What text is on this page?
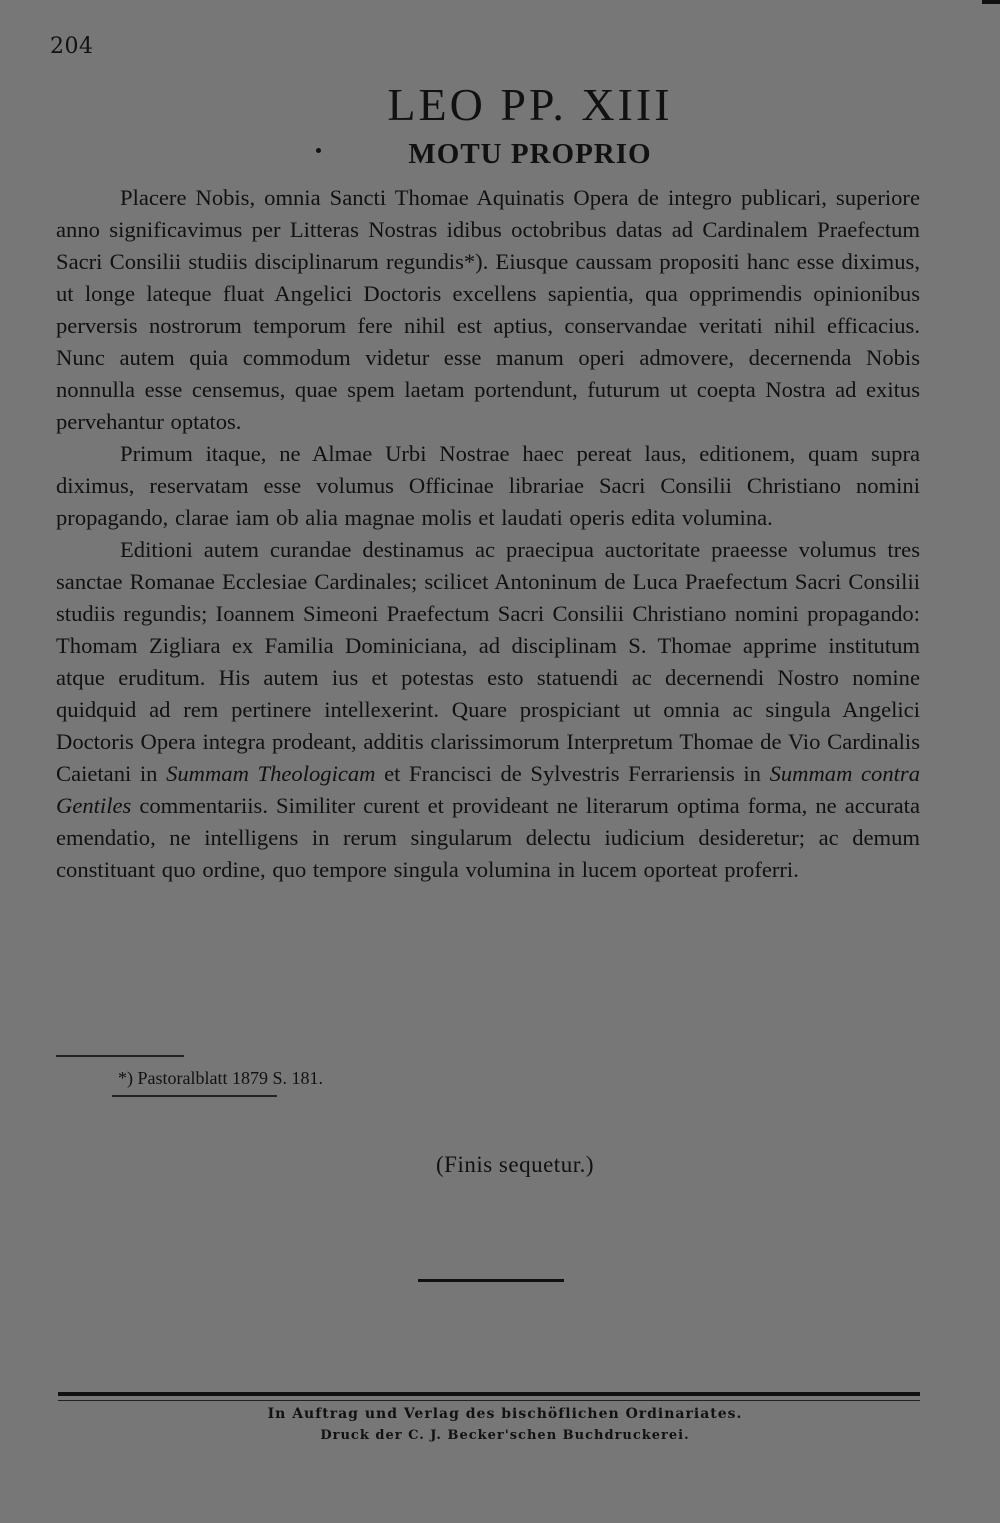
204
LEO PP. XIII
MOTU PROPRIO

Placere Nobis, omnia Sancti Thomae Aquinatis Opera de integro publicari, superiore anno significavimus per Litteras Nostras idibus octobribus datas ad Cardinalem Praefectum Sacri Consilii studiis disciplinarum regundis*). Eiusque caussam propositi hanc esse diximus, ut longe lateque fluat Angelici Doctoris excellens sapientia, qua opprimendis opinionibus perversis nostrorum temporum fere nihil est aptius, conservandae veritati nihil efficacius. Nunc autem quia commodum videtur esse manum operi admovere, decernenda Nobis nonnulla esse censemus, quae spem laetam portendunt, futurum ut coepta Nostra ad exitus pervehantur optatos.

Primum itaque, ne Almae Urbi Nostrae haec pereat laus, editionem, quam supra diximus, reservatam esse volumus Officinae librariae Sacri Consilii Christiano nomini propagando, clarae iam ob alia magnae molis et laudati operis edita volumina.

Editioni autem curandae destinamus ac praecipua auctoritate praeesse volumus tres sanctae Romanae Ecclesiae Cardinales; scilicet Antoninum de Luca Praefectum Sacri Consilii studiis regundis; Ioannem Simeoni Praefectum Sacri Consilii Christiano nomini propagando: Thomam Zigliara ex Familia Dominiciana, ad disciplinam S. Thomae apprime institutum atque eruditum. His autem ius et potestas esto statuendi ac decernendi Nostro nomine quidquid ad rem pertinere intellexerint. Quare prospiciant ut omnia ac singula Angelici Doctoris Opera integra prodeant, additis clarissimorum Interpretum Thomae de Vio Cardinalis Caietani in Summam Theologicam et Francisci de Sylvestris Ferrariensis in Summam contra Gentiles commentariis. Similiter curent et provideant ne literarum optima forma, ne accurata emendatio, ne intelligens in rerum singularum delectu iudicium desideretur; ac demum constituant quo ordine, quo tempore singula volumina in lucem oporteat proferri.

*) Pastoralblatt 1879 S. 181.
(Finis sequetur.)
In Auftrag und Verlag des bischöflichen Ordinariates.
Druck der C. J. Becker'schen Buchdruckerei.
